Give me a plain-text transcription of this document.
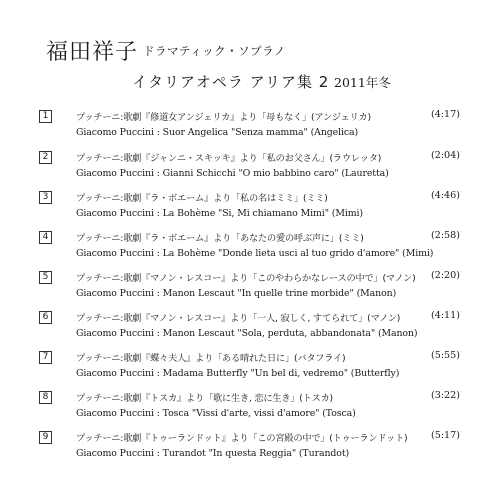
福田祥子 ドラマティック・ソプラノ
イタリアオペラ アリア集 2 2011年冬
1	プッチーニ:歌劇『修道女アンジェリカ』より「母もなく」(アンジェリカ)
Giacomo Puccini : Suor Angelica "Senza mamma" (Angelica)
(4:17)
2	プッチーニ:歌劇『ジャンニ・スキッキ』より「私のお父さん」(ラウレッタ)
Giacomo Puccini : Gianni Schicchi "O mio babbino caro" (Lauretta)
(2:04)
3	プッチーニ:歌劇『ラ・ボエーム』より「私の名はミミ」(ミミ)
Giacomo Puccini : La Bohème "Si, Mi chiamano Mimi" (Mimi)
(4:46)
4	プッチーニ:歌劇『ラ・ボエーム』より「あなたの愛の呼ぶ声に」(ミミ)
Giacomo Puccini : La Bohème "Donde lieta usci al tuo grido d'amore" (Mimi)
(2:58)
5	プッチーニ:歌劇『マノン・レスコー』より「このやわらかなレースの中で」(マノン)
Giacomo Puccini : Manon Lescaut "In quelle trine morbide" (Manon)
(2:20)
6	プッチーニ:歌劇『マノン・レスコー』より「一人, 寂しく, すてられて」(マノン)
Giacomo Puccini : Manon Lescaut "Sola, perduta, abbandonata" (Manon)
(4:11)
7	プッチーニ:歌劇『蝶々夫人』より「ある晴れた日に」(バタフライ)
Giacomo Puccini : Madama Butterfly "Un bel di, vedremo" (Butterfly)
(5:55)
8	プッチーニ:歌劇『トスカ』より「歌に生き, 恋に生き」(トスカ)
Giacomo Puccini : Tosca "Vissi d'arte, vissi d'amore" (Tosca)
(3:22)
9	プッチーニ:歌劇『トゥーランドット』より「この宮殿の中で」(トゥーランドット)
Giacomo Puccini : Turandot "In questa Reggia" (Turandot)
(5:17)
